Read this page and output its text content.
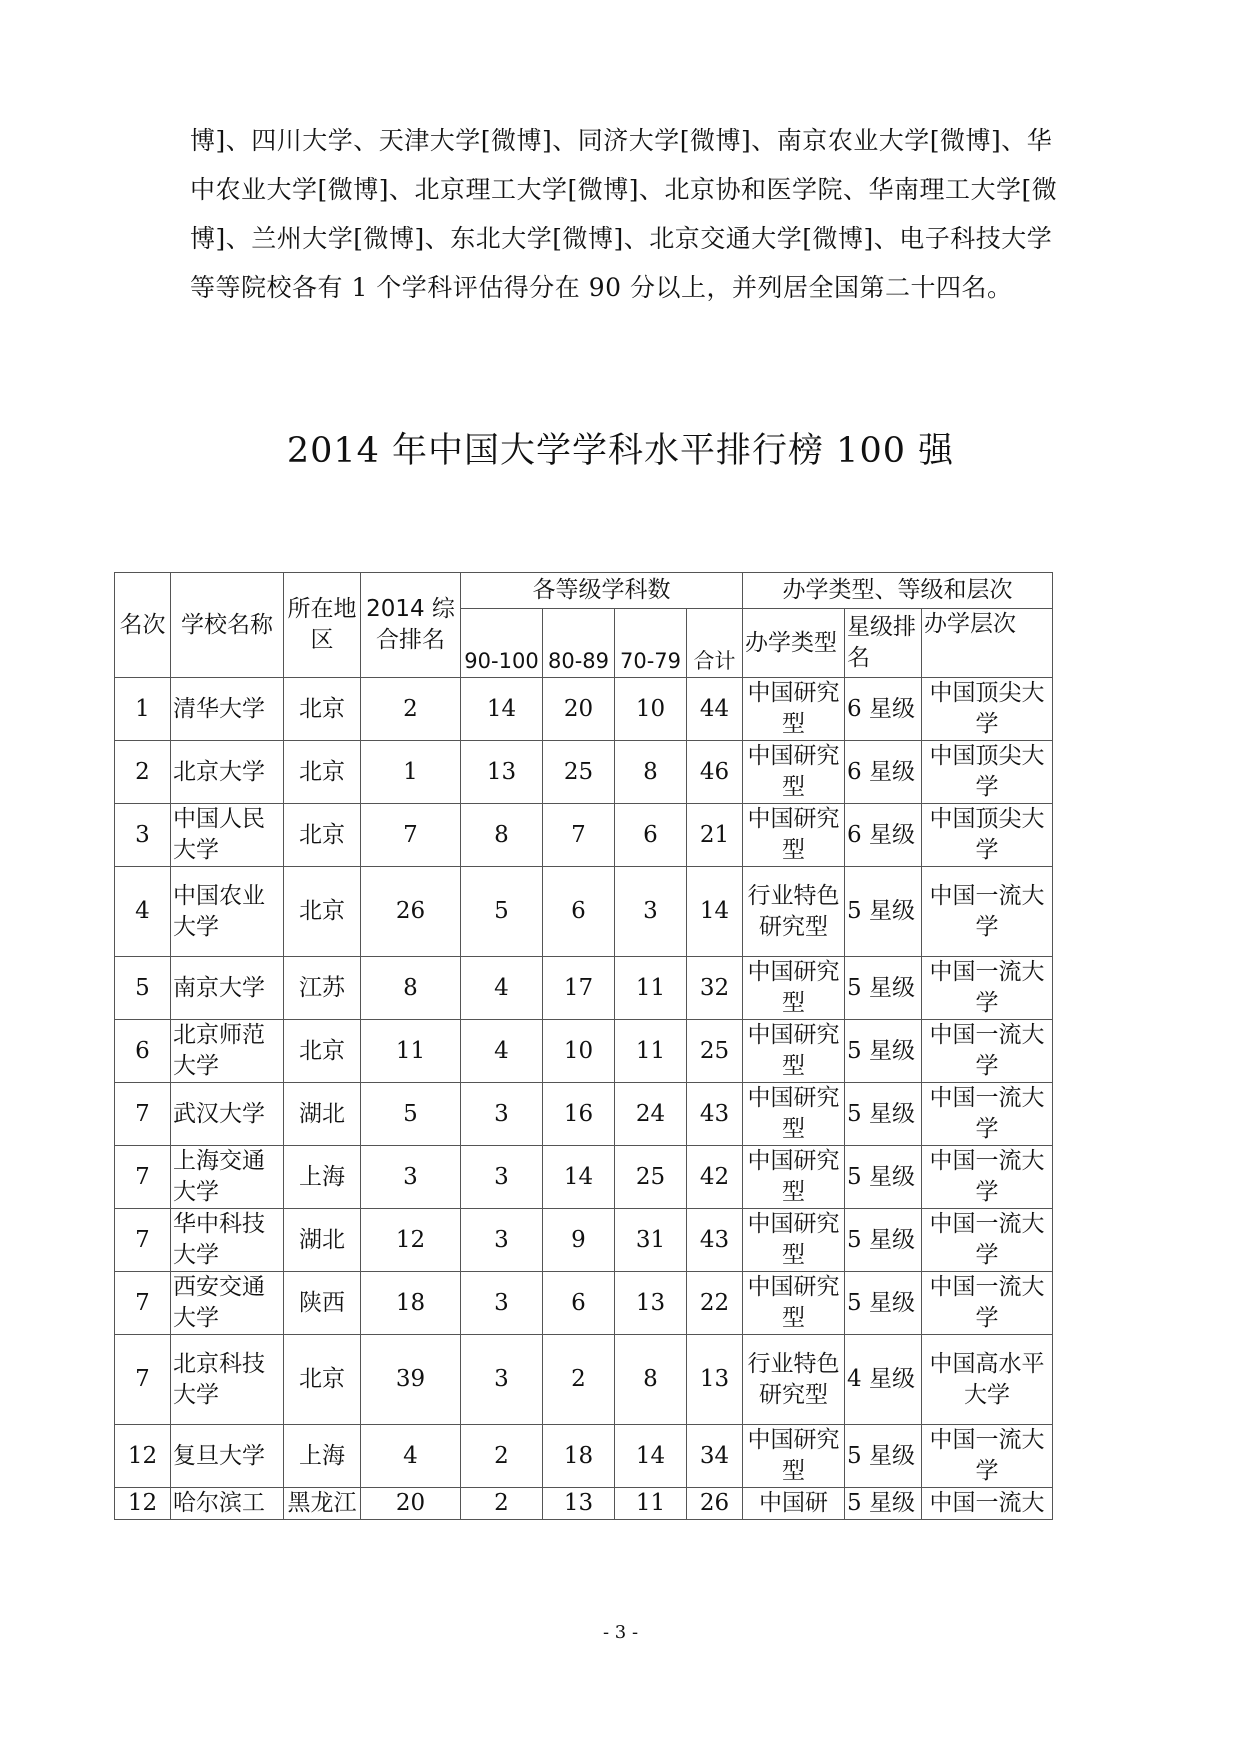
博]、四川大学、天津大学[微博]、同济大学[微博]、南京农业大学[微博]、华

中农业大学[微博]、北京理工大学[微博]、北京协和医学院、华南理工大学[微

博]、兰州大学[微博]、东北大学[微博]、北京交通大学[微博]、电子科技大学

等等院校各有 1 个学科评估得分在 90 分以上，并列居全国第二十四名。

2014 年中国大学学科水平排行榜 100 强
名次	学校名称	所在地区	2014 综合排名	各等级学科数				办学类型、等级和层次		
				90-100	80-89	70-79	合计	办学类型	星级排名	办学层次

1	清华大学	北京	2	14	20	10	44	中国研究型	6 星级	中国顶尖大学
2	北京大学	北京	1	13	25	8	46	中国研究型	6 星级	中国顶尖大学
3	中国人民大学	北京	7	8	7	6	21	中国研究型	6 星级	中国顶尖大学
4	中国农业大学	北京	26	5	6	3	14	行业特色研究型	5 星级	中国一流大学
5	南京大学	江苏	8	4	17	11	32	中国研究型	5 星级	中国一流大学
6	北京师范大学	北京	11	4	10	11	25	中国研究型	5 星级	中国一流大学
7	武汉大学	湖北	5	3	16	24	43	中国研究型	5 星级	中国一流大学
7	上海交通大学	上海	3	3	14	25	42	中国研究型	5 星级	中国一流大学
7	华中科技大学	湖北	12	3	9	31	43	中国研究型	5 星级	中国一流大学
7	西安交通大学	陕西	18	3	6	13	22	中国研究型	5 星级	中国一流大学
7	北京科技大学	北京	39	3	2	8	13	行业特色研究型	4 星级	中国高水平大学
12	复旦大学	上海	4	2	18	14	34	中国研究型	5 星级	中国一流大学
12	哈尔滨工	黑龙江	20	2	13	11	26	中国研	5 星级	中国一流大
- 3 -
